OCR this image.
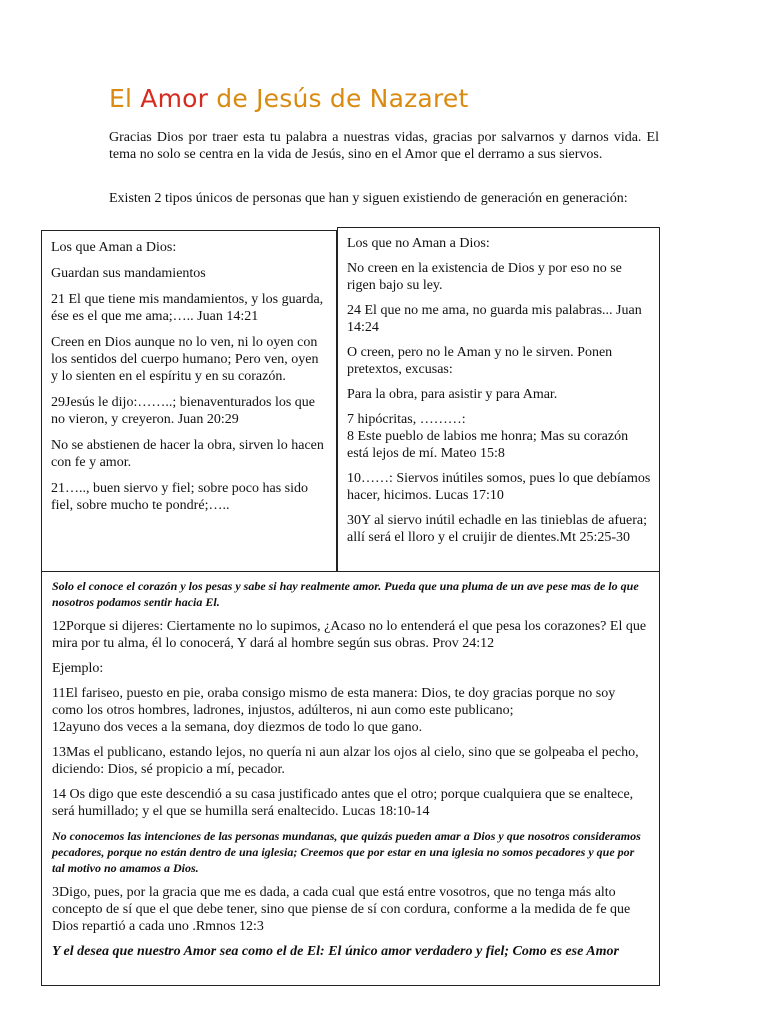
El Amor de Jesús de Nazaret

Gracias Dios por traer esta tu palabra a nuestras vidas, gracias por salvarnos y darnos vida. El tema no solo se centra en la vida de Jesús, sino en el Amor que el derramo a sus siervos.

Existen 2 tipos únicos de personas que han y siguen existiendo de generación en generación:

Los que Aman a Dios:

Guardan sus mandamientos

21 El que tiene mis mandamientos, y los guarda, ése es el que me ama;….. Juan 14:21

Creen en Dios aunque no lo ven, ni lo oyen con los sentidos del cuerpo humano; Pero ven, oyen y lo sienten en el espíritu y en su corazón.

29Jesús le dijo:……..; bienaventurados los que no vieron, y creyeron. Juan 20:29

No se abstienen de hacer la obra, sirven lo hacen con fe y amor.

21….., buen siervo y fiel; sobre poco has sido fiel, sobre mucho te pondré;…..

Los que no Aman a Dios:

No creen en la existencia de Dios y por eso no se rigen bajo su ley.

24 El que no me ama, no guarda mis palabras... Juan 14:24

O creen, pero no le Aman y no le sirven. Ponen pretextos, excusas:

Para la obra, para asistir y para Amar.

7 hipócritas, ………:

8 Este pueblo de labios me honra; Mas su corazón está lejos de mí. Mateo 15:8

10……: Siervos inútiles somos, pues lo que debíamos hacer, hicimos. Lucas 17:10

30Y al siervo inútil echadle en las tinieblas de afuera; allí será el lloro y el cruijir de dientes.Mt 25:25-30

Solo el conoce el corazón y los pesas y sabe si hay realmente amor. Pueda que una pluma de un ave pese mas de lo que nosotros podamos sentir hacia El.

12Porque si dijeres: Ciertamente no lo supimos, ¿Acaso no lo entenderá el que pesa los corazones? El que mira por tu alma, él lo conocerá, Y dará al hombre según sus obras. Prov 24:12

Ejemplo:

11El fariseo, puesto en pie, oraba consigo mismo de esta manera: Dios, te doy gracias porque no soy como los otros hombres, ladrones, injustos, adúlteros, ni aun como este publicano;

12ayuno dos veces a la semana, doy diezmos de todo lo que gano.

13Mas el publicano, estando lejos, no quería ni aun alzar los ojos al cielo, sino que se golpeaba el pecho, diciendo: Dios, sé propicio a mí, pecador.

14 Os digo que este descendió a su casa justificado antes que el otro; porque cualquiera que se enaltece, será humillado; y el que se humilla será enaltecido. Lucas 18:10-14

No conocemos las intenciones de las personas mundanas, que quizás pueden amar a Dios y que nosotros consideramos pecadores, porque no están dentro de una iglesia; Creemos que por estar en una iglesia no somos pecadores y que por tal motivo no amamos a Dios.

3Digo, pues, por la gracia que me es dada, a cada cual que está entre vosotros, que no tenga más alto concepto de sí que el que debe tener, sino que piense de sí con cordura, conforme a la medida de fe que Dios repartió a cada uno .Rmnos 12:3

Y el desea que nuestro Amor sea como el de El: El único amor verdadero y fiel; Como es ese Amor
